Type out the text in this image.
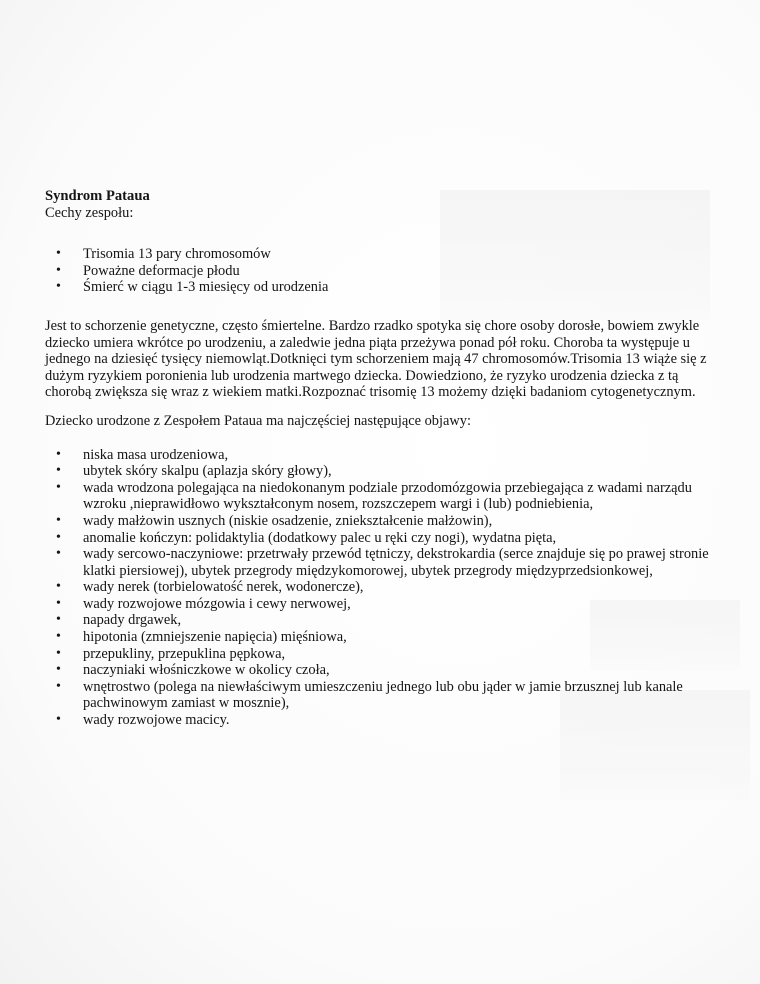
Syndrom Pataua

Cechy zespołu:

• Trisomia 13 pary chromosomów
• Poważne deformacje płodu
• Śmierć w ciągu 1-3 miesięcy od urodzenia

Jest to schorzenie genetyczne, często śmiertelne. Bardzo rzadko spotyka się chore osoby dorosłe, bowiem zwykle dziecko umiera wkrótce po urodzeniu, a zaledwie jedna piąta przeżywa ponad pół roku. Choroba ta występuje u jednego na dziesięć tysięcy niemowląt.Dotknięci tym schorzeniem mają 47 chromosomów.Trisomia 13 wiąże się z dużym ryzykiem poronienia lub urodzenia martwego dziecka. Dowiedziono, że ryzyko urodzenia dziecka z tą chorobą zwiększa się wraz z wiekiem matki.Rozpoznać trisomię 13 możemy dzięki badaniom cytogenetycznym.

Dziecko urodzone z Zespołem Pataua ma najczęściej następujące objawy:

• niska masa urodzeniowa,
• ubytek skóry skalpu (aplazja skóry głowy),
• wada wrodzona polegająca na niedokonanym podziale przodomózgowia przebiegająca z wadami narządu wzroku ,nieprawidłowo wykształconym nosem, rozszczepem wargi i (lub) podniebienia,
• wady małżowin usznych (niskie osadzenie, zniekształcenie małżowin),
• anomalie kończyn: polidaktylia (dodatkowy palec u ręki czy nogi), wydatna pięta,
• wady sercowo-naczyniowe: przetrwały przewód tętniczy, dekstrokardia (serce znajduje się po prawej stronie klatki piersiowej), ubytek przegrody międzykomorowej, ubytek przegrody międzyprzedsionkowej,
• wady nerek (torbielowatość nerek, wodonercze),
• wady rozwojowe mózgowia i cewy nerwowej,
• napady drgawek,
• hipotonia (zmniejszenie napięcia) mięśniowa,
• przepukliny, przepuklina pępkowa,
• naczyniaki włośniczkowe w okolicy czoła,
• wnętrostwo (polega na niewłaściwym umieszczeniu jednego lub obu jąder w jamie brzusznej lub kanale pachwinowym zamiast w mosznie),
• wady rozwojowe macicy.
